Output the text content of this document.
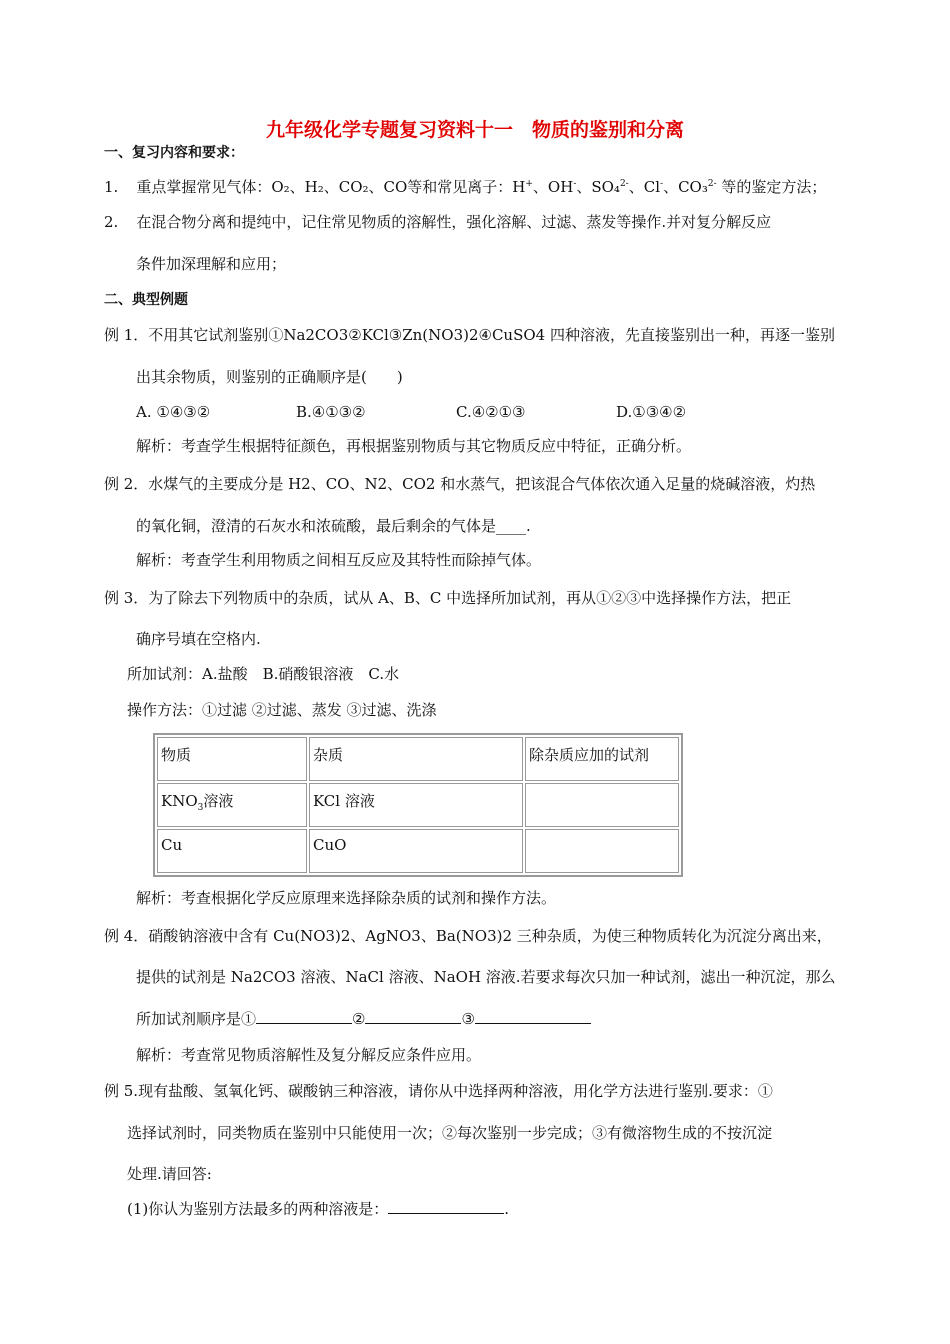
九年级化学专题复习资料十一　物质的鉴别和分离
一、复习内容和要求：
1. 重点掌握常见气体：O₂、H₂、CO₂、CO等和常见离子：H+、OH-、SO₄$^{2-}$、Cl-、CO₃$^{2-}$ 等的鉴定方法；
2. 在混合物分离和提纯中，记住常见物质的溶解性，强化溶解、过滤、蒸发等操作.并对复分解反应
条件加深理解和应用；
二、典型例题
例 1．不用其它试剂鉴别①Na2CO3②KCl③Zn(NO3)2④CuSO4 四种溶液，先直接鉴别出一种，再逐一鉴别
出其余物质，则鉴别的正确顺序是(　　)
A. ①④③②	B.④①③②	C.④②①③	D.①③④②
解析：考查学生根据特征颜色，再根据鉴别物质与其它物质反应中特征，正确分析。
例 2．水煤气的主要成分是 H2、CO、N2、CO2 和水蒸气，把该混合气体依次通入足量的烧碱溶液，灼热
的氧化铜，澄清的石灰水和浓硫酸，最后剩余的气体是____.
解析：考查学生利用物质之间相互反应及其特性而除掉气体。
例 3．为了除去下列物质中的杂质，试从 A、B、C 中选择所加试剂，再从①②③中选择操作方法，把正
确序号填在空格内.
所加试剂：A.盐酸　B.硝酸银溶液　C.水
操作方法：①过滤 ②过滤、蒸发 ③过滤、洗涤
物质	杂质	除杂质应加的试剂
$KNO_3$溶液	KCl 溶液	
Cu	CuO	
解析：考查根据化学反应原理来选择除杂质的试剂和操作方法。
例 4．硝酸钠溶液中含有 Cu(NO3)2、AgNO3、Ba(NO3)2 三种杂质，为使三种物质转化为沉淀分离出来，
提供的试剂是 Na2CO3 溶液、NaCl 溶液、NaOH 溶液.若要求每次只加一种试剂，滤出一种沉淀，那么
所加试剂顺序是①	②	③
解析：考查常见物质溶解性及复分解反应条件应用。
例 5.现有盐酸、氢氧化钙、碳酸钠三种溶液，请你从中选择两种溶液，用化学方法进行鉴别.要求：①
选择试剂时，同类物质在鉴别中只能使用一次；②每次鉴别一步完成；③有微溶物生成的不按沉淀
处理.请回答:
(1)你认为鉴别方法最多的两种溶液是：	.
